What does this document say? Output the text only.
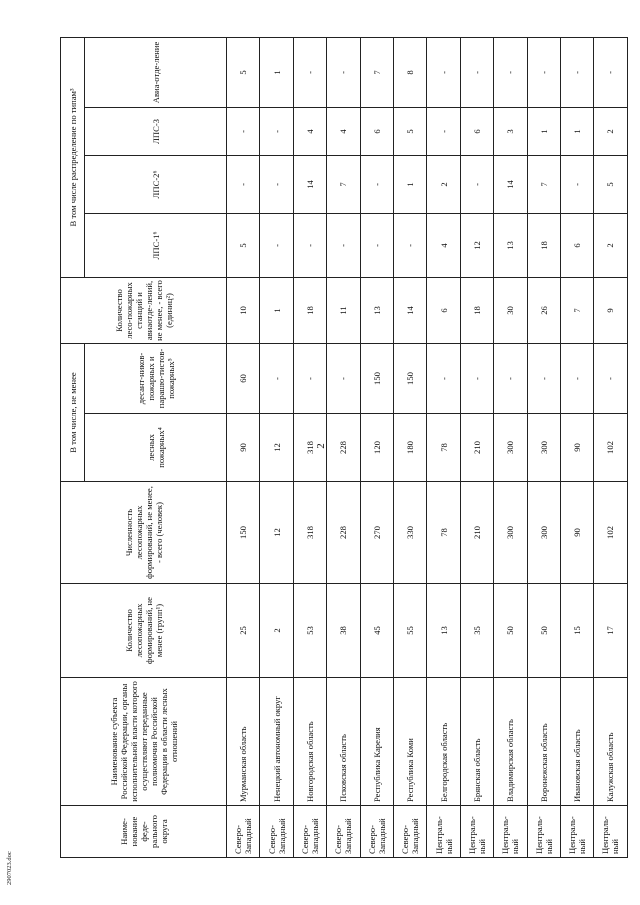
2
Наиме-
нование
феде-
рального
округа	Наименование субъекта Российской Федерации, органы исполнительной власти которого осуществляют переданные полномочия Российской Федерации в области лесных отношений	Количество лесопожарных формирований, не менее (групп¹)	Численность лесопожарных формирований, не менее, - всего (человек)	В том числе, не менее		Количество лесо-пожарных станций и авиаотде-лений, не менее, - всего (единиц²)	В том числе распределение по типам³			
				лесных пожарных⁴	десант-ников-пожарных и парашю-тистов-пожарных⁵		ЛПС-1⁶	ЛПС-2⁶	ЛПС-3	Авиа-отде-ление

Северо-
Западный	Мурманская область	25	150	90	60	10	5	-	-	5
Северо-
Западный	Ненецкий автономный округ	2	12	12	-	1	-	-	-	1
Северо-
Западный	Новгородская область	53	318	318	-	18	-	14	4	-
Северо-
Западный	Псковская область	38	228	228	-	11	-	7	4	-
Северо-
Западный	Республика Карелия	45	270	120	150	13	-	-	6	7
Северо-
Западный	Республика Коми	55	330	180	150	14	-	1	5	8
Централь-
ный	Белгородская область	13	78	78	-	6	4	2	-	-
Централь-
ный	Брянская область	35	210	210	-	18	12	-	6	-
Централь-
ный	Владимирская область	50	300	300	-	30	13	14	3	-
Централь-
ный	Воронежская область	50	300	300	-	26	18	7	1	-
Централь-
ный	Ивановская область	15	90	90	-	7	6	-	1	-
Централь-
ный	Калужская область	17	102	102	-	9	2	5	2	-
2907023.doc
